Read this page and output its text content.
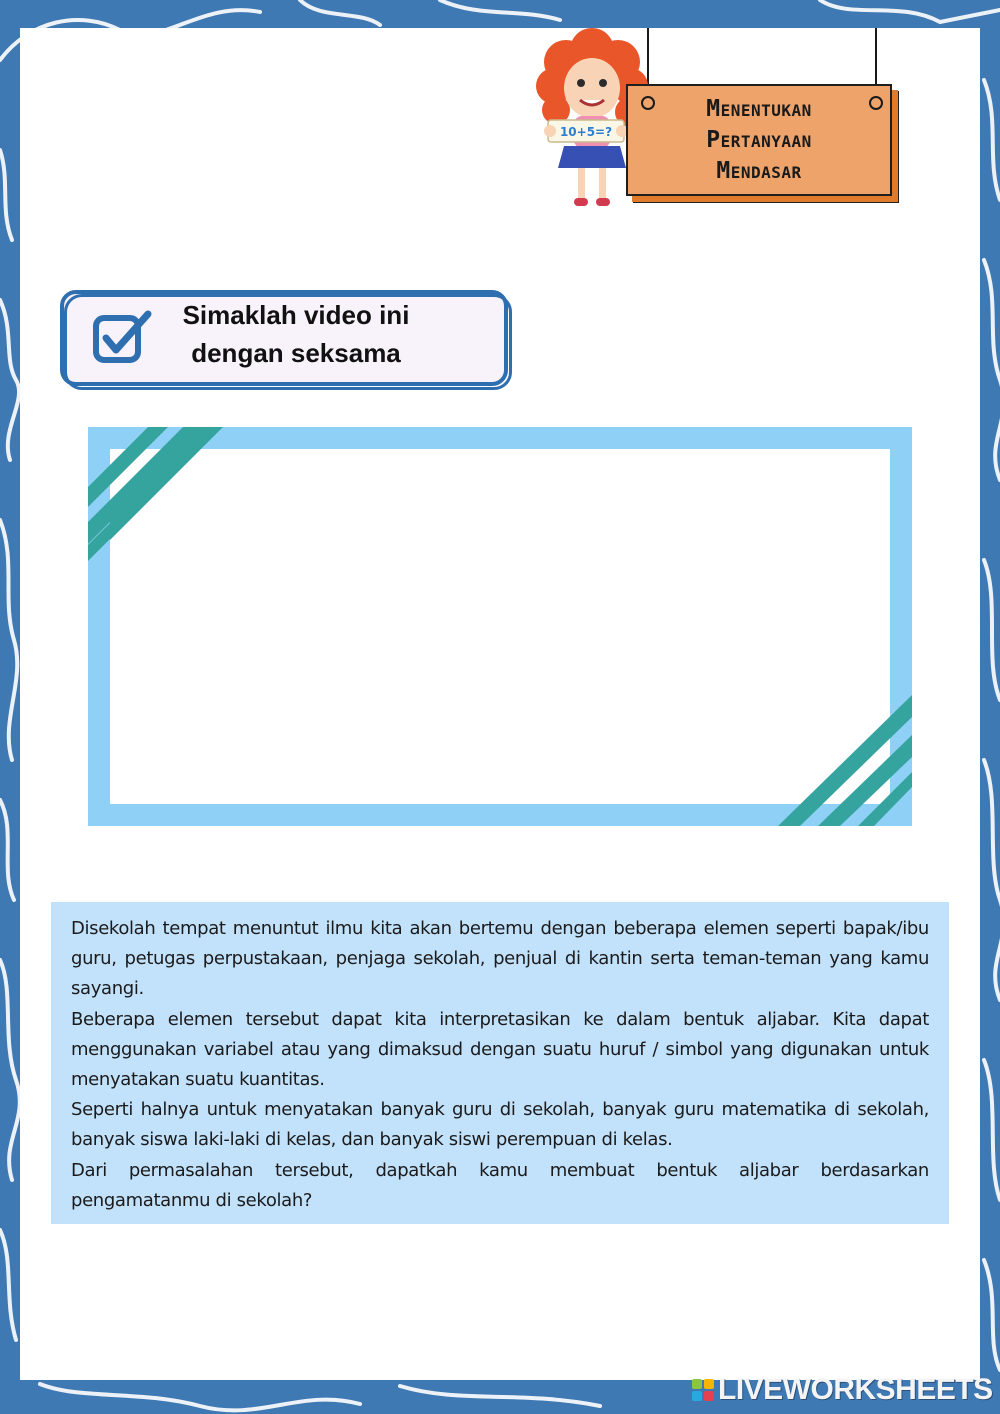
10+5=?
Menentukan
Pertanyaan
Mendasar
Simaklah video ini
dengan seksama

Disekolah tempat menuntut ilmu kita akan bertemu dengan beberapa elemen seperti bapak/ibu guru, petugas perpustakaan, penjaga sekolah, penjual di kantin serta teman-teman yang kamu sayangi.

Beberapa elemen tersebut dapat kita interpretasikan ke dalam bentuk aljabar. Kita dapat menggunakan variabel atau yang dimaksud dengan suatu huruf / simbol yang digunakan untuk menyatakan suatu kuantitas.

Seperti halnya untuk menyatakan banyak guru di sekolah, banyak guru matematika di sekolah, banyak siswa laki-laki di kelas, dan banyak siswi perempuan di kelas.

Dari permasalahan tersebut, dapatkah kamu membuat bentuk aljabar berdasarkan pengamatanmu di sekolah?

LIVEWORKSHEETS
